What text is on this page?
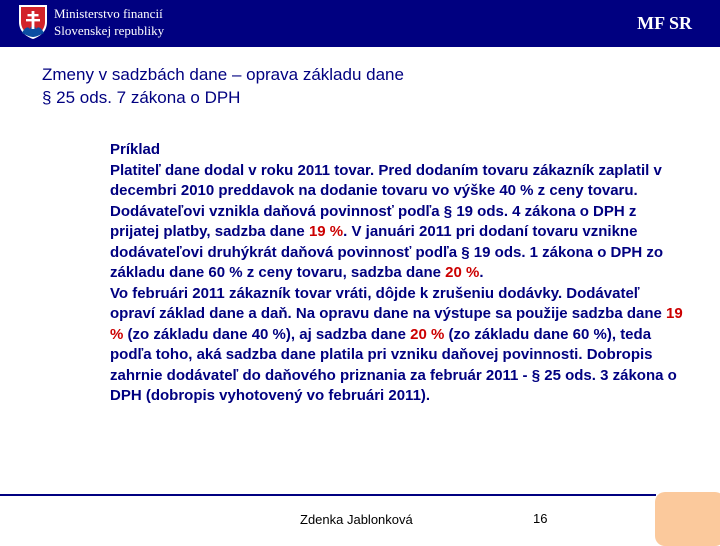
Ministerstvo financií
Slovenskej republiky	MF SR
Zmeny v sadzbách dane – oprava základu dane
§ 25 ods. 7 zákona o DPH
Príklad
Platiteľ dane dodal v roku 2011 tovar. Pred dodaním tovaru zákazník zaplatil v decembri 2010 preddavok na dodanie tovaru vo výške 40 % z ceny tovaru. Dodávateľovi vznikla daňová povinnosť podľa § 19 ods. 4 zákona o DPH z prijatej platby, sadzba dane 19 %. V januári 2011 pri dodaní tovaru vznikne dodávateľovi druhýkrát daňová povinnosť podľa § 19 ods. 1 zákona o DPH zo základu dane 60 % z ceny tovaru, sadzba dane 20 %.
Vo februári 2011 zákazník tovar vráti, dôjde k zrušeniu dodávky. Dodávateľ opraví základ dane a daň. Na opravu dane na výstupe sa použije sadzba dane 19 % (zo základu dane 40 %), aj sadzba dane 20 % (zo základu dane 60 %), teda podľa toho, aká sadzba dane platila pri vzniku daňovej povinnosti. Dobropis zahrnie dodávateľ do daňového priznania za február 2011 - § 25 ods. 3 zákona o DPH (dobropis vyhotovený vo februári 2011).
Zdenka Jablonková	16
